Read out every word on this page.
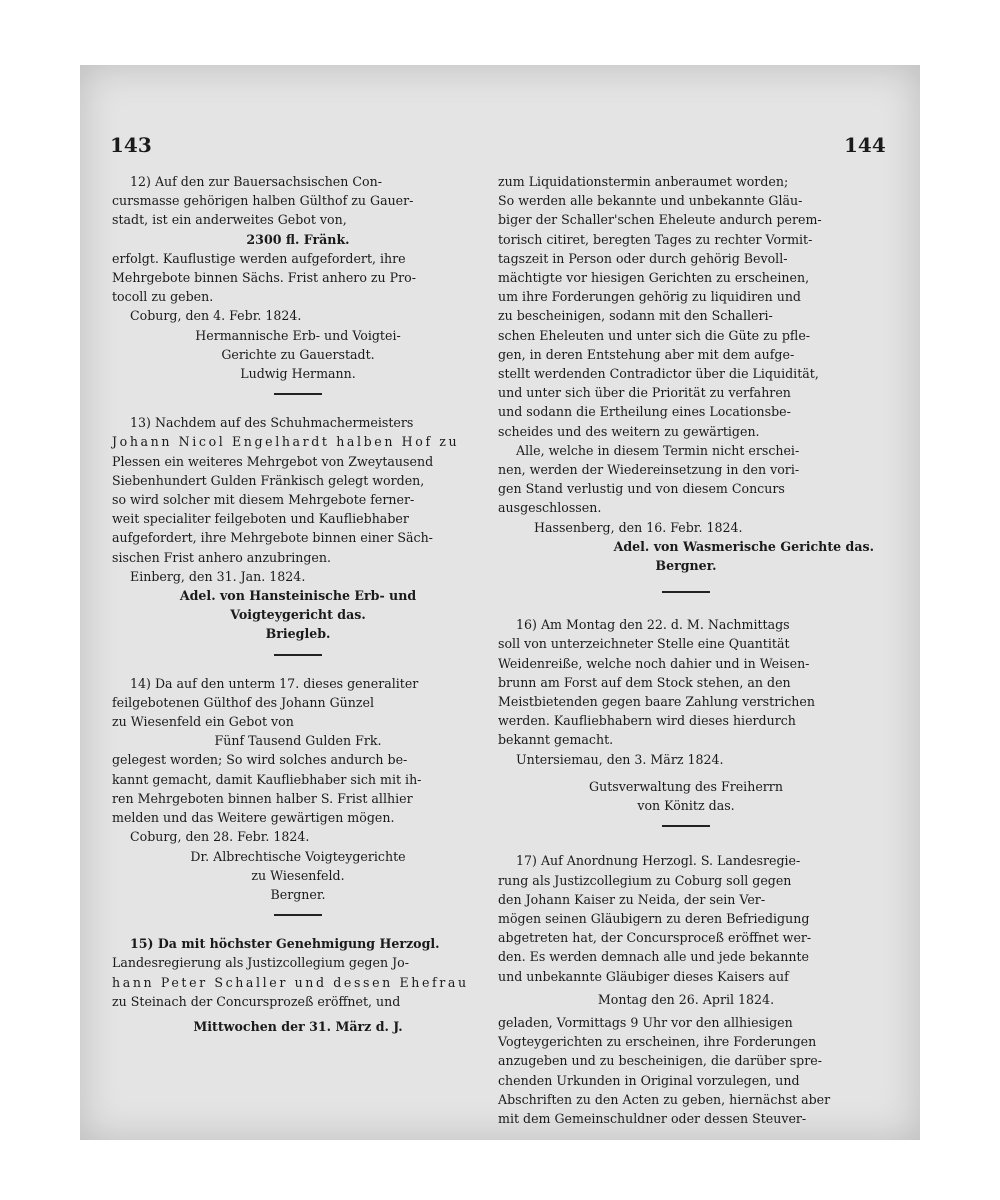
143	144

12) Auf den zur Bauersachsischen Con-

cursmasse gehörigen halben Gülthof zu Gauer-

stadt, ist ein anderweites Gebot von,

2300 fl. Fränk.

erfolgt. Kauflustige werden aufgefordert, ihre

Mehrgebote binnen Sächs. Frist anhero zu Pro-

tocoll zu geben.

Coburg, den 4. Febr. 1824.

Hermannische Erb- und Voigtei-

Gerichte zu Gauerstadt.

Ludwig Hermann.

13) Nachdem auf des Schuhmachermeisters

Johann Nicol Engelhardt halben Hof zu

Plessen ein weiteres Mehrgebot von Zweytausend

Siebenhundert Gulden Fränkisch gelegt worden,

so wird solcher mit diesem Mehrgebote ferner-

weit specialiter feilgeboten und Kaufliebhaber

aufgefordert, ihre Mehrgebote binnen einer Säch-

sischen Frist anhero anzubringen.

Einberg, den 31. Jan. 1824.

Adel. von Hansteinische Erb- und

Voigteygericht das.

Briegleb.

14) Da auf den unterm 17. dieses generaliter

feilgebotenen Gülthof des Johann Günzel

zu Wiesenfeld ein Gebot von

Fünf Tausend Gulden Frk.

gelegest worden; So wird solches andurch be-

kannt gemacht, damit Kaufliebhaber sich mit ih-

ren Mehrgeboten binnen halber S. Frist allhier

melden und das Weitere gewärtigen mögen.

Coburg, den 28. Febr. 1824.

Dr. Albrechtische Voigteygerichte

zu Wiesenfeld.

Bergner.

15) Da mit höchster Genehmigung Herzogl.

Landesregierung als Justizcollegium gegen Jo-

hann Peter Schaller und dessen Ehefrau

zu Steinach der Concursprozeß eröffnet, und

Mittwochen der 31. März d. J.

zum Liquidationstermin anberaumet worden;

So werden alle bekannte und unbekannte Gläu-

biger der Schaller'schen Eheleute andurch perem-

torisch citiret, beregten Tages zu rechter Vormit-

tagszeit in Person oder durch gehörig Bevoll-

mächtigte vor hiesigen Gerichten zu erscheinen,

um ihre Forderungen gehörig zu liquidiren und

zu bescheinigen, sodann mit den Schalleri-

schen Eheleuten und unter sich die Güte zu pfle-

gen, in deren Entstehung aber mit dem aufge-

stellt werdenden Contradictor über die Liquidität,

und unter sich über die Priorität zu verfahren

und sodann die Ertheilung eines Locationsbe-

scheides und des weitern zu gewärtigen.

Alle, welche in diesem Termin nicht erschei-

nen, werden der Wiedereinsetzung in den vori-

gen Stand verlustig und von diesem Concurs

ausgeschlossen.

Hassenberg, den 16. Febr. 1824.

Adel. von Wasmerische Gerichte das.

Bergner.

16) Am Montag den 22. d. M. Nachmittags

soll von unterzeichneter Stelle eine Quantität

Weidenreiße, welche noch dahier und in Weisen-

brunn am Forst auf dem Stock stehen, an den

Meistbietenden gegen baare Zahlung verstrichen

werden. Kaufliebhabern wird dieses hierdurch

bekannt gemacht.

Untersiemau, den 3. März 1824.

Gutsverwaltung des Freiherrn

von Könitz das.

17) Auf Anordnung Herzogl. S. Landesregie-

rung als Justizcollegium zu Coburg soll gegen

den Johann Kaiser zu Neida, der sein Ver-

mögen seinen Gläubigern zu deren Befriedigung

abgetreten hat, der Concursproceß eröffnet wer-

den. Es werden demnach alle und jede bekannte

und unbekannte Gläubiger dieses Kaisers auf

Montag den 26. April 1824.

geladen, Vormittags 9 Uhr vor den allhiesigen

Vogteygerichten zu erscheinen, ihre Forderungen

anzugeben und zu bescheinigen, die darüber spre-

chenden Urkunden in Original vorzulegen, und

Abschriften zu den Acten zu geben, hiernächst aber

mit dem Gemeinschuldner oder dessen Steuver-
